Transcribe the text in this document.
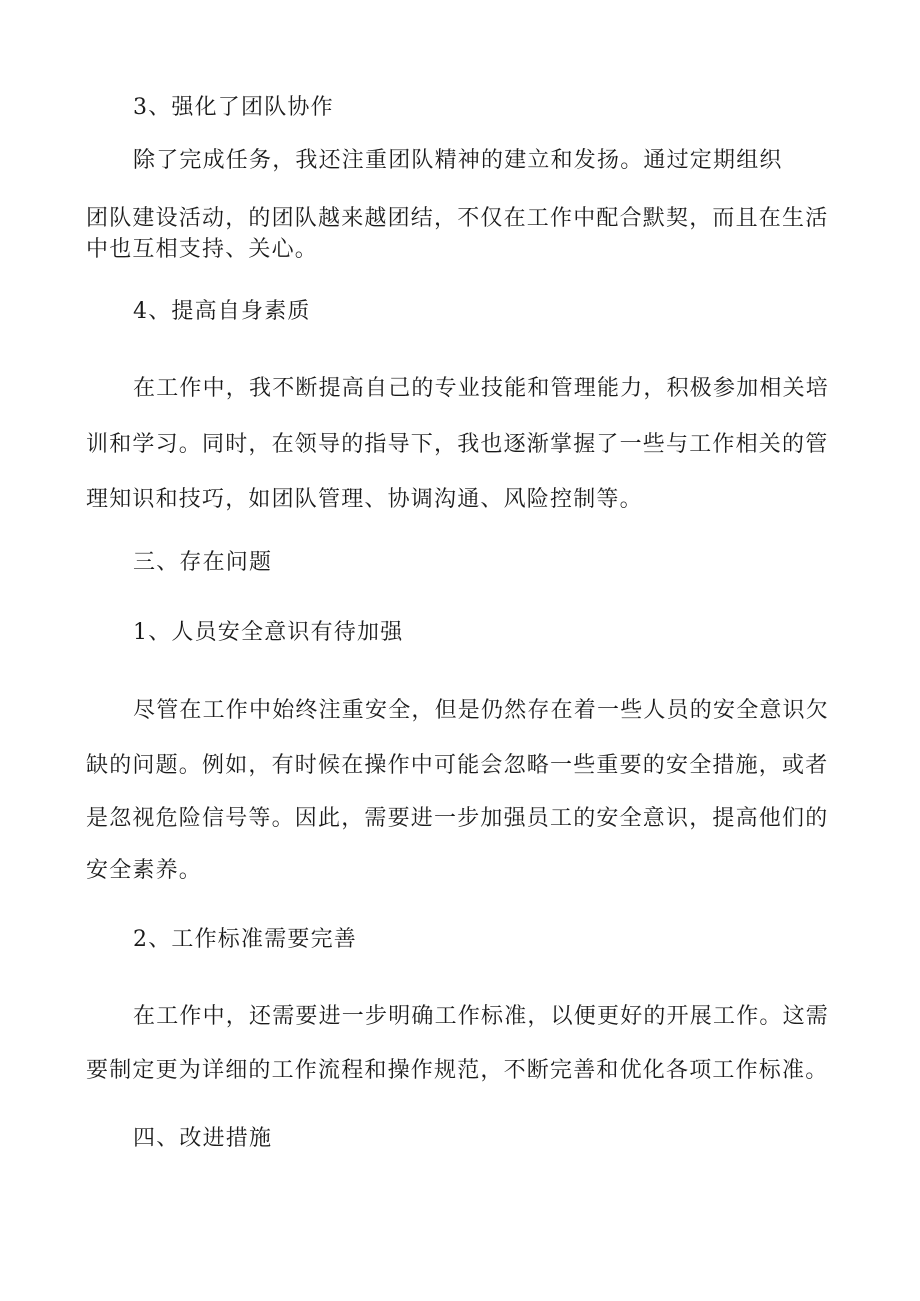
3、强化了团队协作
除了完成任务，我还注重团队精神的建立和发扬。通过定期组织
团队建设活动，的团队越来越团结，不仅在工作中配合默契，而且在生活
中也互相支持、关心。
4、提高自身素质
在工作中，我不断提高自己的专业技能和管理能力，积极参加相关培
训和学习。同时，在领导的指导下，我也逐渐掌握了一些与工作相关的管
理知识和技巧，如团队管理、协调沟通、风险控制等。
三、存在问题
1、人员安全意识有待加强
尽管在工作中始终注重安全，但是仍然存在着一些人员的安全意识欠
缺的问题。例如，有时候在操作中可能会忽略一些重要的安全措施，或者
是忽视危险信号等。因此，需要进一步加强员工的安全意识，提高他们的
安全素养。
2、工作标准需要完善
在工作中，还需要进一步明确工作标准，以便更好的开展工作。这需
要制定更为详细的工作流程和操作规范，不断完善和优化各项工作标准。
四、改进措施
